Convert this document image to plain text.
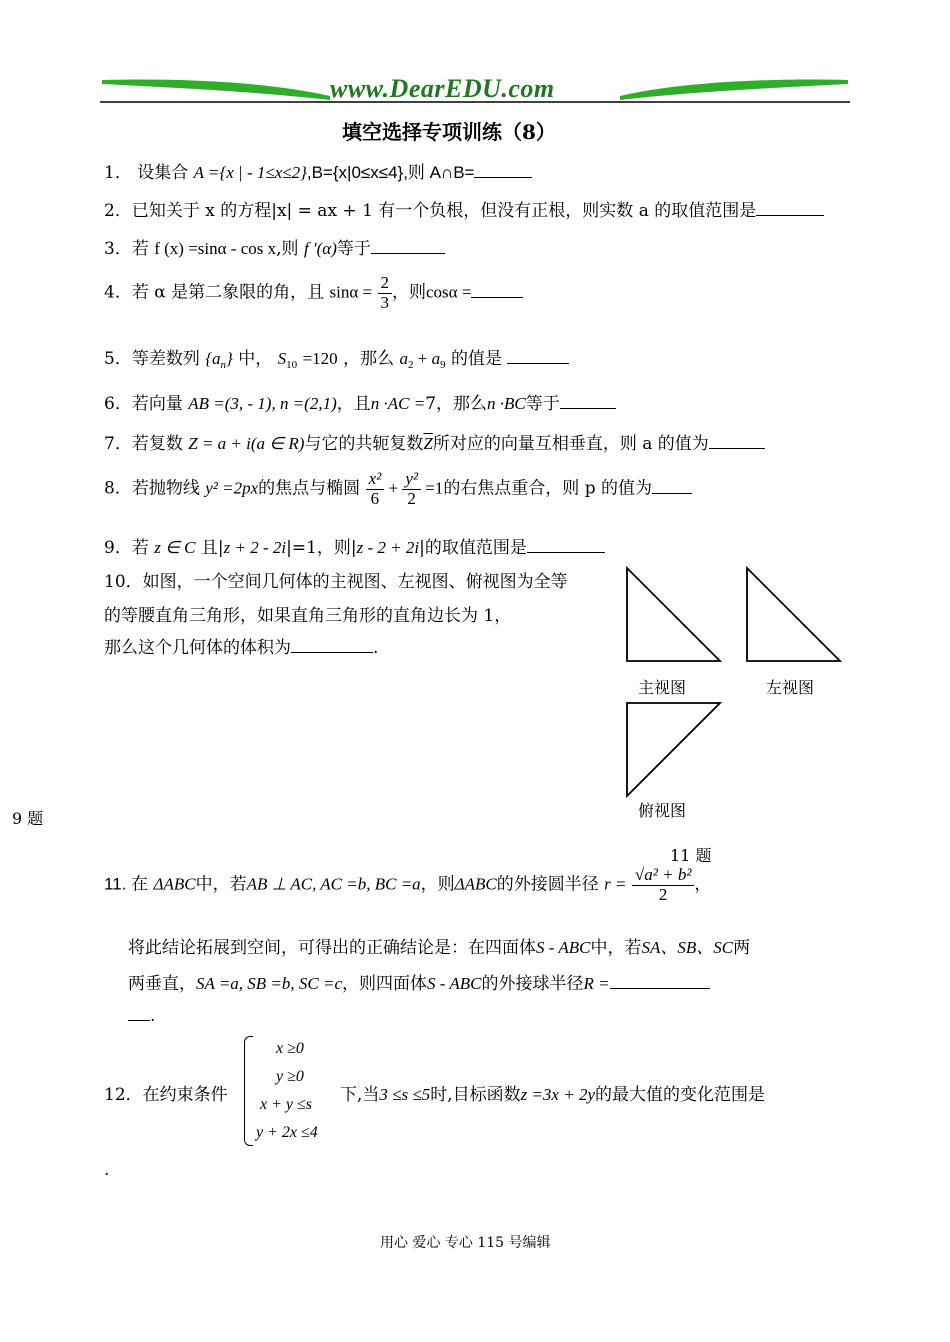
www.DearEDU.com
填空选择专项训练（8）
1． 设集合 A ={x | - 1≤x≤2},B={x|0≤x≤4},则 A∩B=
2．已知关于 x 的方程|x| = ax + 1 有一个负根，但没有正根，则实数 a 的取值范围是
3．若 f (x) =sinα - cos x,则 f ′(α)等于
4．若 α 是第二象限的角，且 $\sin\alpha = \frac{2}{3}$ ，则cosα =
5．等差数列 $\{a_n\}$ 中， $S_{10} =120$ ，那么 $a_2 + a_9$ 的值是
6．若向量 AB =(3, - 1), n =(2,1)，且n ·AC =7，那么n ·BC等于
7．若复数 Z = a + i(a ∈ R)与它的共轭复数$\overline{Z}$所对应的向量互相垂直，则 a 的值为
8．若抛物线 y² =2px的焦点与椭圆 $\frac{\text{x²}}{6} + \frac{\text{y²}}{2} =1$的右焦点重合，则 p 的值为
9．若 z ∈ C 且|z + 2 - 2i|=1，则|z - 2 + 2i|的取值范围是
10．如图，一个空间几何体的主视图、左视图、俯视图为全等
的等腰直角三角形，如果直角三角形的直角边长为 1，
那么这个几何体的体积为	.
主视图	左视图
俯视图
9 题
11 题
11. 在 ΔABC中，若AB ⊥ AC, AC =b, BC =a，则ΔABC的外接圆半径 $r = \frac{\text{√a² + b²}}{2}$ ，
将此结论拓展到空间，可得出的正确结论是：在四面体S - ABC中，若SA、SB、SC两
两垂直，SA =a, SB =b, SC =c，则四面体S - ABC的外接球半径R =
.
12．在约束条件
x ≥0
y ≥0
x + y ≤s
y + 2x ≤4
下,当3 ≤s ≤5时,目标函数z =3x + 2y的最大值的变化范围是
.
用心 爱心 专心 115 号编辑
